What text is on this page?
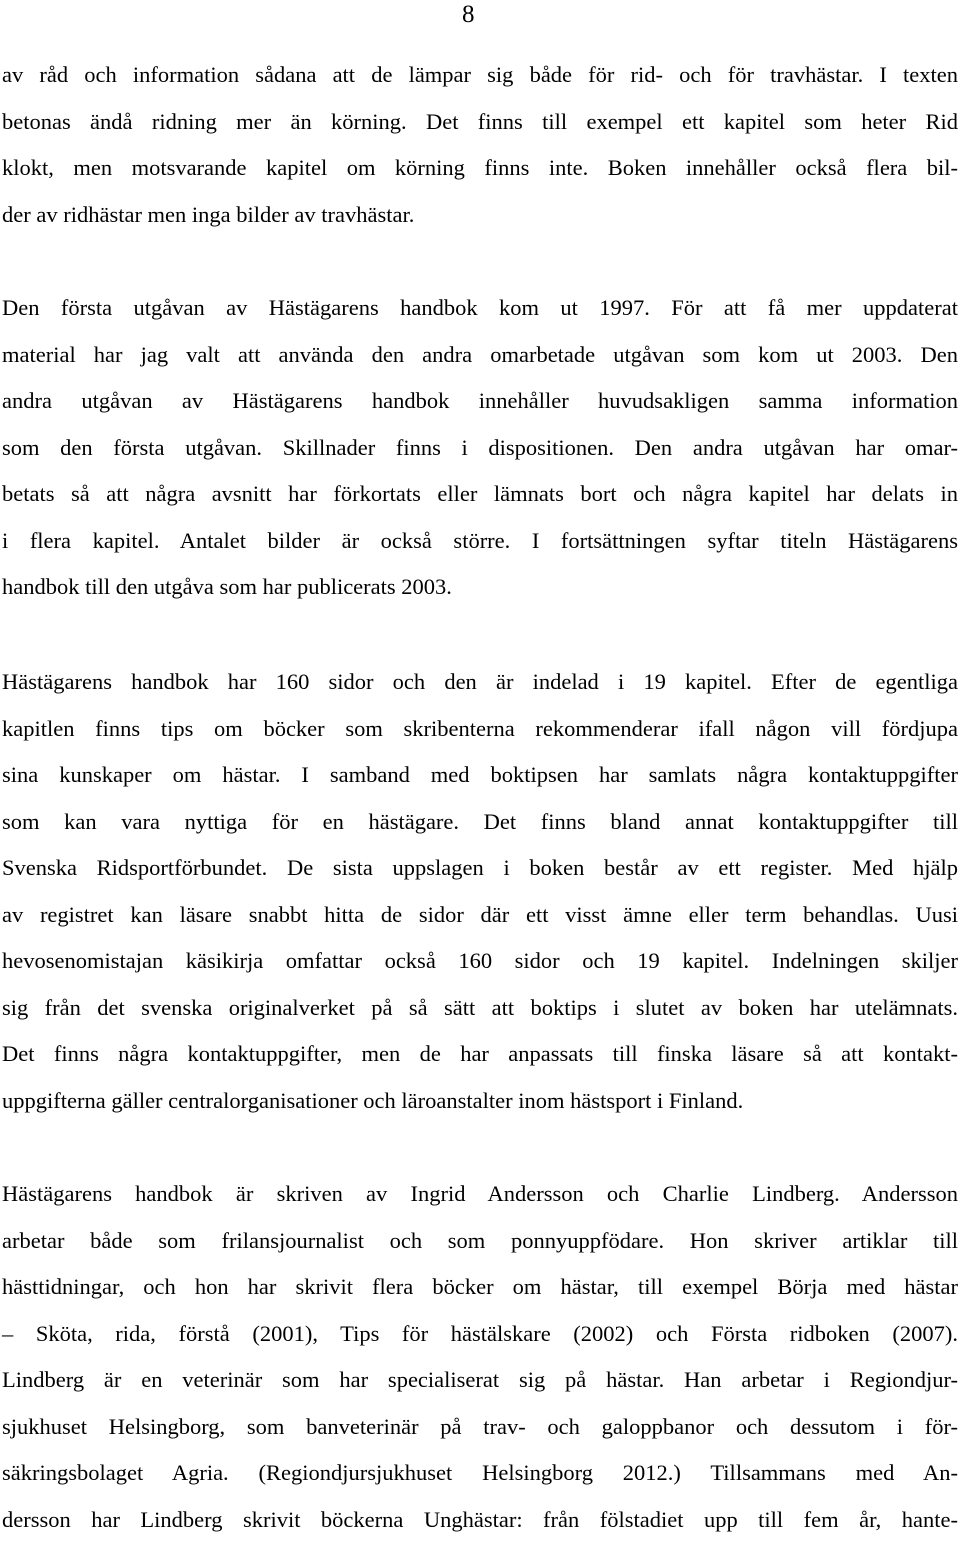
8
av råd och information sådana att de lämpar sig både för rid- och för travhästar. I texten
betonas ändå ridning mer än körning. Det finns till exempel ett kapitel som heter Rid
klokt, men motsvarande kapitel om körning finns inte. Boken innehåller också flera bil-
der av ridhästar men inga bilder av travhästar.
Den första utgåvan av Hästägarens handbok kom ut 1997. För att få mer uppdaterat
material har jag valt att använda den andra omarbetade utgåvan som kom ut 2003. Den
andra utgåvan av Hästägarens handbok innehåller huvudsakligen samma information
som den första utgåvan. Skillnader finns i dispositionen. Den andra utgåvan har omar-
betats så att några avsnitt har förkortats eller lämnats bort och några kapitel har delats in
i flera kapitel. Antalet bilder är också större. I fortsättningen syftar titeln Hästägarens
handbok till den utgåva som har publicerats 2003.
Hästägarens handbok har 160 sidor och den är indelad i 19 kapitel. Efter de egentliga
kapitlen finns tips om böcker som skribenterna rekommenderar ifall någon vill fördjupa
sina kunskaper om hästar. I samband med boktipsen har samlats några kontaktuppgifter
som kan vara nyttiga för en hästägare. Det finns bland annat kontaktuppgifter till
Svenska Ridsportförbundet. De sista uppslagen i boken består av ett register. Med hjälp
av registret kan läsare snabbt hitta de sidor där ett visst ämne eller term behandlas. Uusi
hevosenomistajan käsikirja omfattar också 160 sidor och 19 kapitel. Indelningen skiljer
sig från det svenska originalverket på så sätt att boktips i slutet av boken har utelämnats.
Det finns några kontaktuppgifter, men de har anpassats till finska läsare så att kontakt-
uppgifterna gäller centralorganisationer och läroanstalter inom hästsport i Finland.
Hästägarens handbok är skriven av Ingrid Andersson och Charlie Lindberg. Andersson
arbetar både som frilansjournalist och som ponnyuppfödare. Hon skriver artiklar till
hästtidningar, och hon har skrivit flera böcker om hästar, till exempel Börja med hästar
– Sköta, rida, förstå (2001), Tips för hästälskare (2002) och Första ridboken (2007).
Lindberg är en veterinär som har specialiserat sig på hästar. Han arbetar i Regiondjur-
sjukhuset Helsingborg, som banveterinär på trav- och galoppbanor och dessutom i för-
säkringsbolaget Agria. (Regiondjursjukhuset Helsingborg 2012.) Tillsammans med An-
dersson har Lindberg skrivit böckerna Unghästar: från fölstadiet upp till fem år, hante-
